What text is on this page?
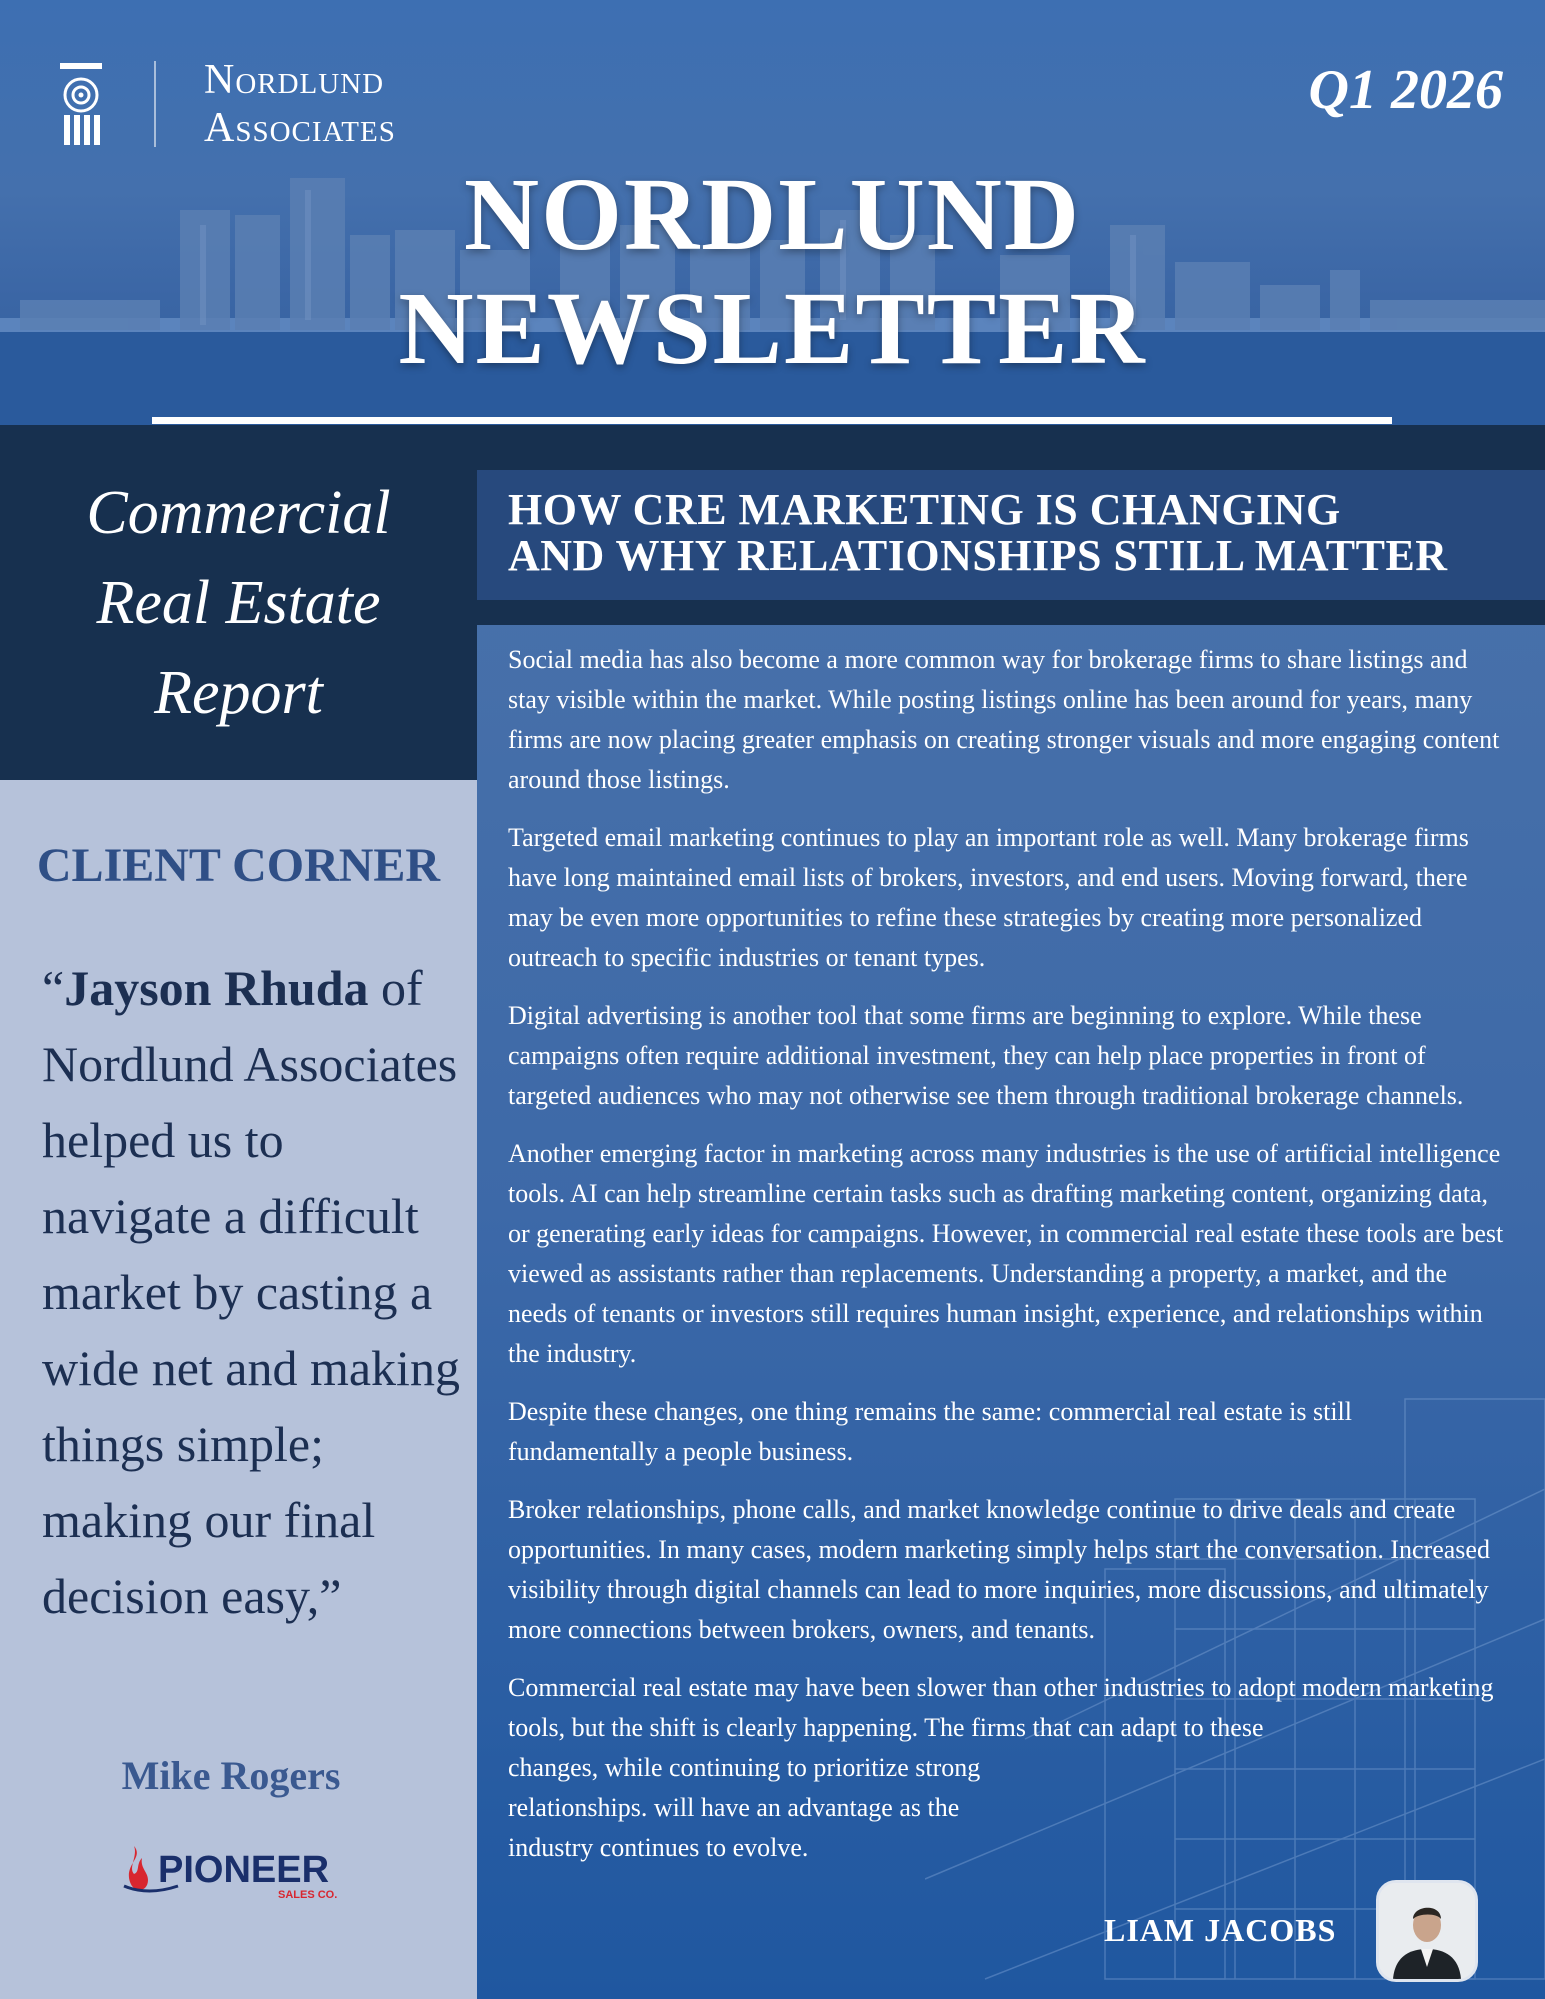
Nordlund
Associates
Q1 2026
NORDLUND
NEWSLETTER
Commercial
Real Estate
Report
CLIENT CORNER
“Jayson Rhuda of Nordlund Associates helped us to navigate a difficult market by casting a wide net and making things simple; making our final decision easy,”
Mike Rogers
PIONEER
SALES CO.
HOW CRE MARKETING IS CHANGING
AND WHY RELATIONSHIPS STILL MATTER

Social media has also become a more common way for brokerage firms to share listings and stay visible within the market. While posting listings online has been around for years, many firms are now placing greater emphasis on creating stronger visuals and more engaging content around those listings.

Targeted email marketing continues to play an important role as well. Many brokerage firms have long maintained email lists of brokers, investors, and end users. Moving forward, there may be even more opportunities to refine these strategies by creating more personalized outreach to specific industries or tenant types.

Digital advertising is another tool that some firms are beginning to explore. While these campaigns often require additional investment, they can help place properties in front of targeted audiences who may not otherwise see them through traditional brokerage channels.

Another emerging factor in marketing across many industries is the use of artificial intelligence tools. AI can help streamline certain tasks such as drafting marketing content, organizing data, or generating early ideas for campaigns. However, in commercial real estate these tools are best viewed as assistants rather than replacements. Understanding a property, a market, and the needs of tenants or investors still requires human insight, experience, and relationships within the industry.

Despite these changes, one thing remains the same: commercial real estate is still fundamentally a people business.

Broker relationships, phone calls, and market knowledge continue to drive deals and create opportunities. In many cases, modern marketing simply helps start the conversation. Increased visibility through digital channels can lead to more inquiries, more discussions, and ultimately more connections between brokers, owners, and tenants.

Commercial real estate may have been slower than other industries to adopt modern marketing tools, but the shift is clearly happening. The firms that can adapt to these
changes, while continuing to prioritize strong
relationships. will have an advantage as the
industry continues to evolve.

LIAM JACOBS
